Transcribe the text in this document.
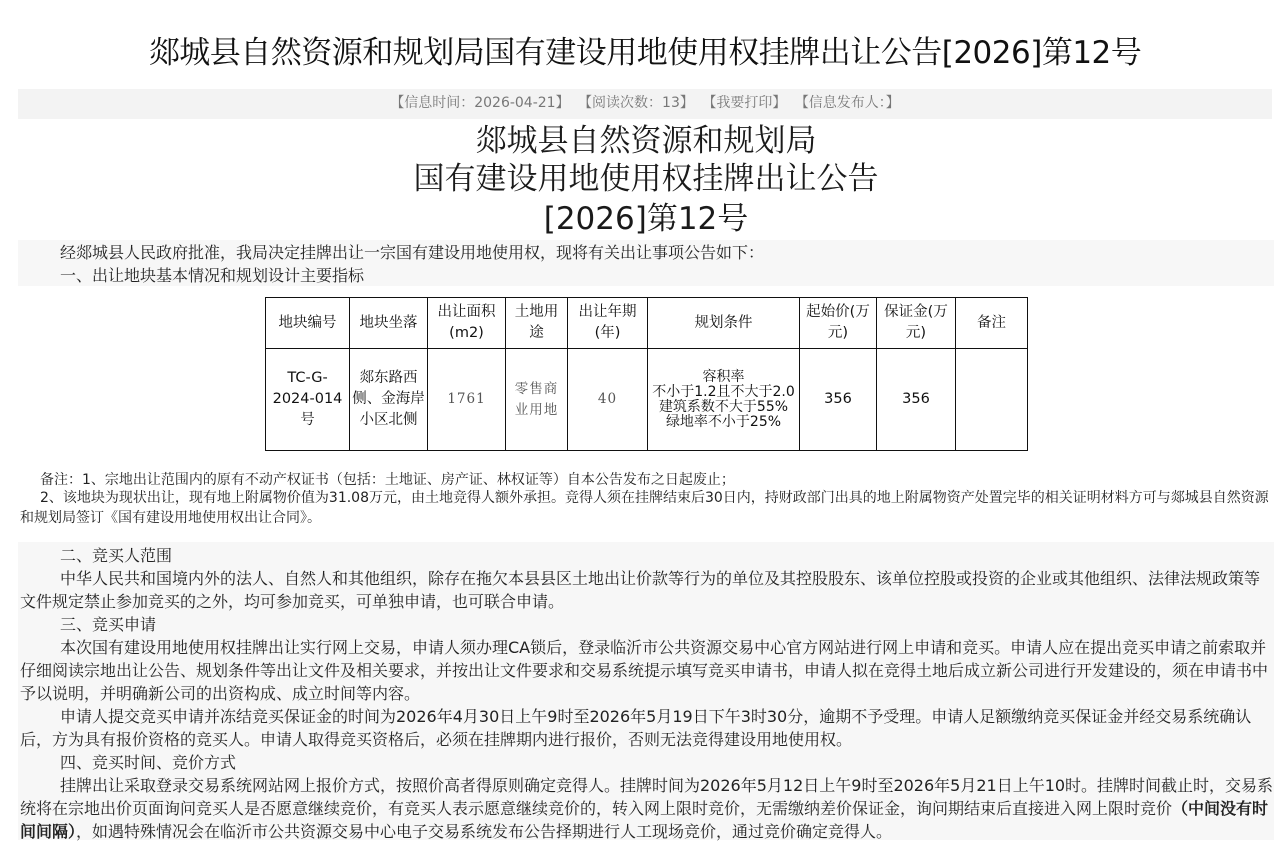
郯城县自然资源和规划局国有建设用地使用权挂牌出让公告[2026]第12号
【信息时间：2026-04-21】 【阅读次数：13】 【我要打印】 【信息发布人：】
郯城县自然资源和规划局
国有建设用地使用权挂牌出让公告
[2026]第12号
经郯城县人民政府批准，我局决定挂牌出让一宗国有建设用地使用权，现将有关出让事项公告如下：
一、出让地块基本情况和规划设计主要指标
地块编号	地块坐落	出让面积(m2)	土地用途	出让年期(年)	规划条件	起始价(万元)	保证金(万元)	备注
TC-G-2024-014号	郯东路西侧、金海岸小区北侧	1761	零售商业用地	40	容积率
不小于1.2且不大于2.0
建筑系数不大于55%
绿地率不小于25%	356	356	
备注：1、宗地出让范围内的原有不动产权证书（包括：土地证、房产证、林权证等）自本公告发布之日起废止；
2、该地块为现状出让，现有地上附属物价值为31.08万元，由土地竞得人额外承担。竞得人须在挂牌结束后30日内，持财政部门出具的地上附属物资产处置完毕的相关证明材料方可与郯城县自然资源和规划局签订《国有建设用地使用权出让合同》。
二、竞买人范围
中华人民共和国境内外的法人、自然人和其他组织，除存在拖欠本县县区土地出让价款等行为的单位及其控股股东、该单位控股或投资的企业或其他组织、法律法规政策等文件规定禁止参加竞买的之外，均可参加竞买，可单独申请，也可联合申请。
三、竞买申请
本次国有建设用地使用权挂牌出让实行网上交易，申请人须办理CA锁后，登录临沂市公共资源交易中心官方网站进行网上申请和竞买。申请人应在提出竞买申请之前索取并仔细阅读宗地出让公告、规划条件等出让文件及相关要求，并按出让文件要求和交易系统提示填写竞买申请书，申请人拟在竞得土地后成立新公司进行开发建设的，须在申请书中予以说明，并明确新公司的出资构成、成立时间等内容。
申请人提交竞买申请并冻结竞买保证金的时间为2026年4月30日上午9时至2026年5月19日下午3时30分，逾期不予受理。申请人足额缴纳竞买保证金并经交易系统确认后，方为具有报价资格的竞买人。申请人取得竞买资格后，必须在挂牌期内进行报价，否则无法竞得建设用地使用权。
四、竞买时间、竞价方式
挂牌出让采取登录交易系统网站网上报价方式，按照价高者得原则确定竞得人。挂牌时间为2026年5月12日上午9时至2026年5月21日上午10时。挂牌时间截止时，交易系统将在宗地出价页面询问竞买人是否愿意继续竞价，有竞买人表示愿意继续竞价的，转入网上限时竞价，无需缴纳差价保证金，询问期结束后直接进入网上限时竞价（中间没有时间间隔），如遇特殊情况会在临沂市公共资源交易中心电子交易系统发布公告择期进行人工现场竞价，通过竞价确定竞得人。
